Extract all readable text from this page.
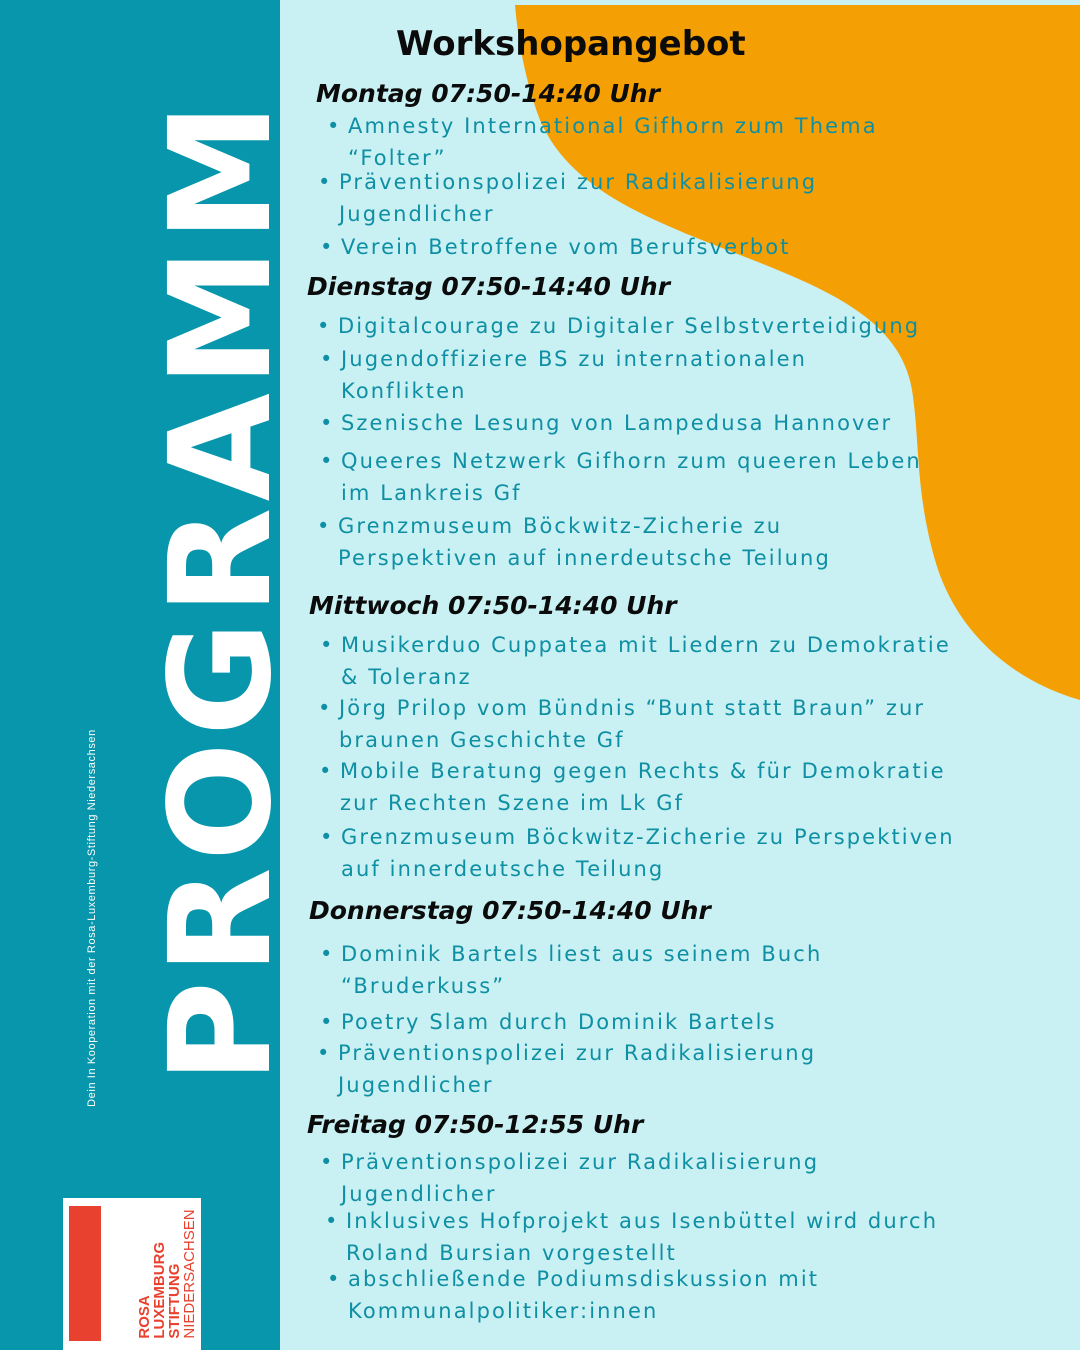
PROGRAMM
Dein In Kooperation mit der Rosa-Luxemburg-Stiftung Niedersachsen
ROSA
LUXEMBURG
STIFTUNG
NIEDERSACHSEN
Workshopangebot
Montag 07:50-14:40 Uhr
• Amnesty International Gifhorn zum Thema
“Folter”
• Präventionspolizei zur Radikalisierung
Jugendlicher
• Verein Betroffene vom Berufsverbot
Dienstag 07:50-14:40 Uhr
• Digitalcourage zu Digitaler Selbstverteidigung
• Jugendoffiziere BS zu internationalen
Konflikten
• Szenische Lesung von Lampedusa Hannover
• Queeres Netzwerk Gifhorn zum queeren Leben
im Lankreis Gf
• Grenzmuseum Böckwitz-Zicherie zu
Perspektiven auf innerdeutsche Teilung
Mittwoch 07:50-14:40 Uhr
• Musikerduo Cuppatea mit Liedern zu Demokratie
& Toleranz
• Jörg Prilop vom Bündnis “Bunt statt Braun” zur
braunen Geschichte Gf
• Mobile Beratung gegen Rechts & für Demokratie
zur Rechten Szene im Lk Gf
• Grenzmuseum Böckwitz-Zicherie zu Perspektiven
auf innerdeutsche Teilung
Donnerstag 07:50-14:40 Uhr
• Dominik Bartels liest aus seinem Buch
“Bruderkuss”
• Poetry Slam durch Dominik Bartels
• Präventionspolizei zur Radikalisierung
Jugendlicher
Freitag 07:50-12:55 Uhr
• Präventionspolizei zur Radikalisierung
Jugendlicher
• Inklusives Hofprojekt aus Isenbüttel wird durch
Roland Bursian vorgestellt
• abschließende Podiumsdiskussion mit
Kommunalpolitiker:innen
